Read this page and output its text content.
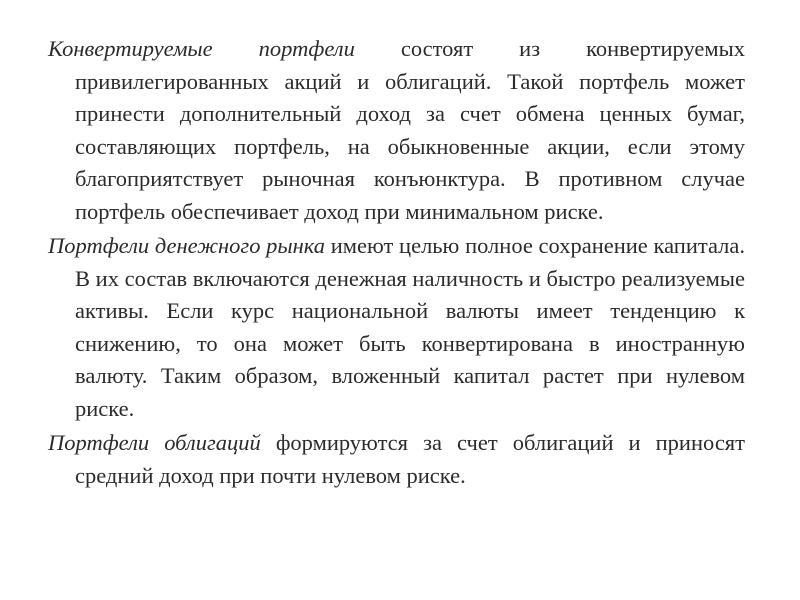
Конвертируемые портфели состоят из конвертируемых привилегированных акций и облигаций. Такой портфель может принести дополнительный доход за счет обмена ценных бумаг, составляющих портфель, на обыкновенные акции, если этому благоприятствует рыночная конъюнктура. В противном случае портфель обеспечивает доход при минимальном риске.

Портфели денежного рынка имеют целью полное сохранение капитала. В их состав включаются денежная наличность и быстро реализуемые активы. Если курс национальной валюты имеет тенденцию к снижению, то она может быть конвертирована в иностранную валюту. Таким образом, вложенный капитал растет при нулевом риске.

Портфели облигаций формируются за счет облигаций и приносят средний доход при почти нулевом риске.
